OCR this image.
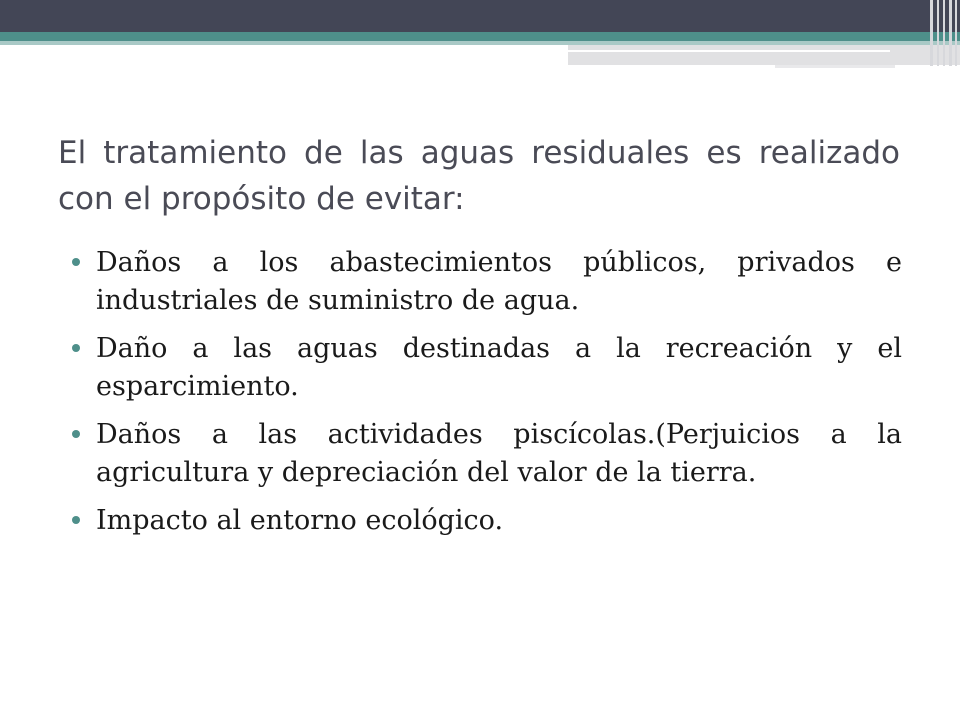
El tratamiento de las aguas residuales es realizado con el propósito de evitar:
Daños a los abastecimientos públicos, privados e industriales de suministro de agua.
Daño a las aguas destinadas a la recreación y el esparcimiento.
Daños a las actividades piscícolas.(Perjuicios a la agricultura y depreciación del valor de la tierra.
Impacto al entorno ecológico.
